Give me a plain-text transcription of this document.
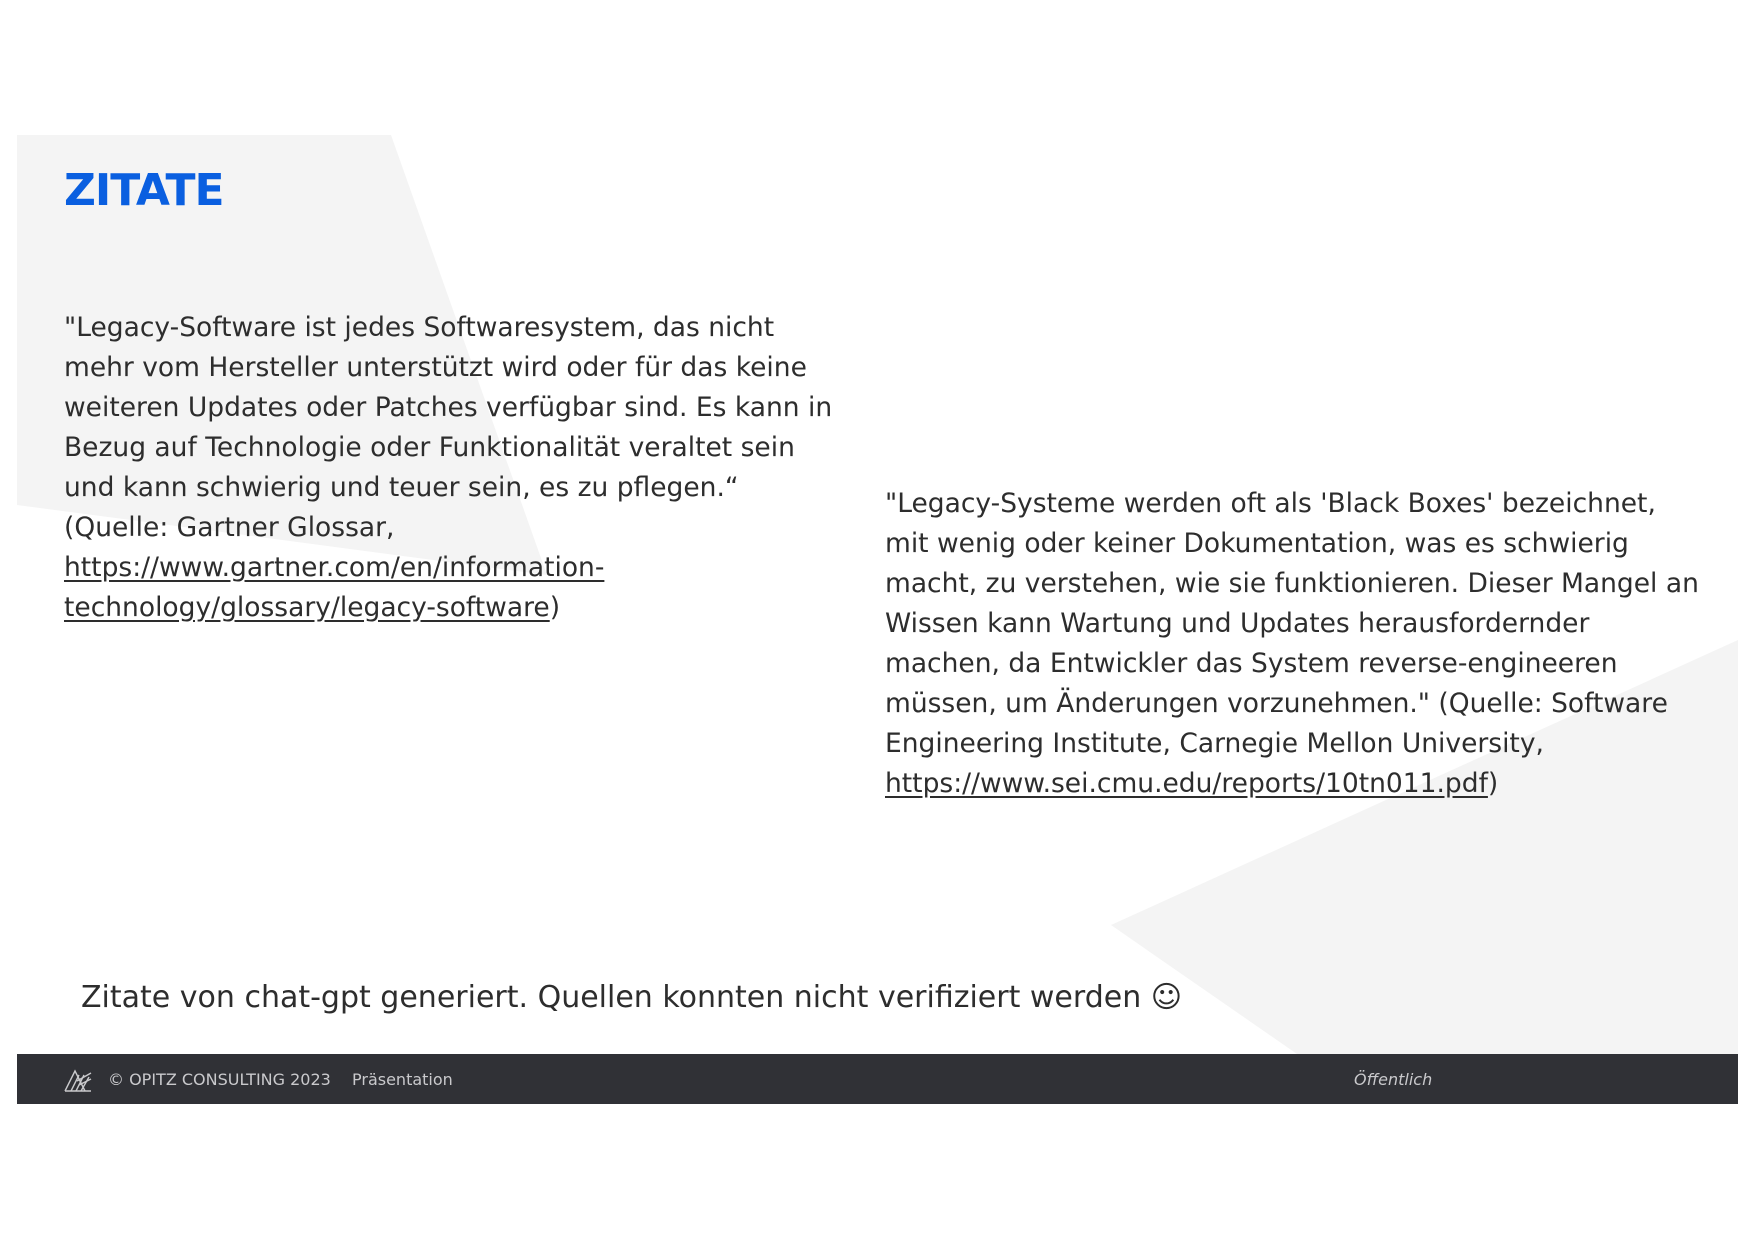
ZITATE

"Legacy-Software ist jedes Softwaresystem, das nicht mehr vom Hersteller unterstützt wird oder für das keine weiteren Updates oder Patches verfügbar sind. Es kann in Bezug auf Technologie oder Funktionalität veraltet sein und kann schwierig und teuer sein, es zu pflegen.“
(Quelle: Gartner Glossar,
https://www.gartner.com/en/information-technology/glossary/legacy-software)

"Legacy-Systeme werden oft als 'Black Boxes' bezeichnet, mit wenig oder keiner Dokumentation, was es schwierig macht, zu verstehen, wie sie funktionieren. Dieser Mangel an Wissen kann Wartung und Updates herausfordernder machen, da Entwickler das System reverse-engineeren müssen, um Änderungen vorzunehmen." (Quelle: Software Engineering Institute, Carnegie Mellon University,
https://www.sei.cmu.edu/reports/10tn011.pdf)

Zitate von chat-gpt generiert. Quellen konnten nicht verifiziert werden ☺
© OPITZ CONSULTING 2023 Präsentation	Öffentlich
